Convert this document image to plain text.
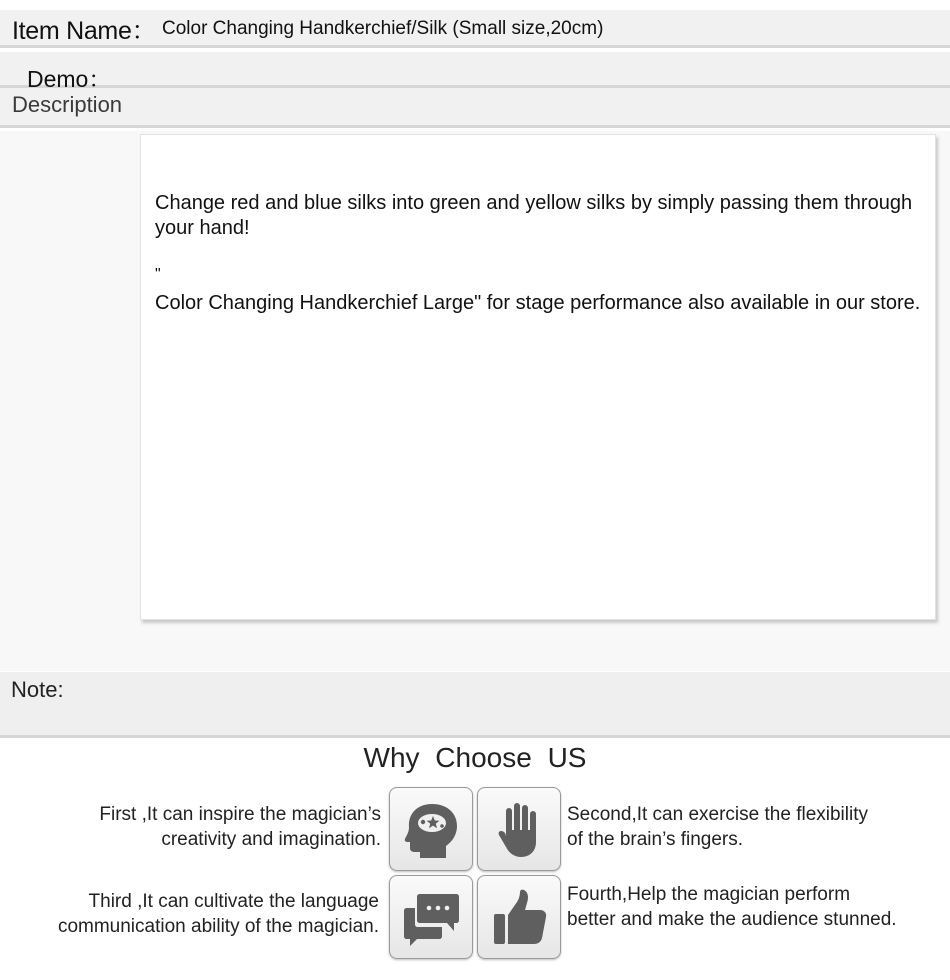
Item Name： Color Changing Handkerchief/Silk (Small size,20cm)
Demo：
Description

Change red and blue silks into green and yellow silks by simply passing them through your hand!

"

Color Changing Handkerchief Large" for stage performance also available in our store.

Note:
Why Choose US
First ,It can inspire the magician’s
creativity and imagination.
Second,It can exercise the flexibility
of the brain’s fingers.
Third ,It can cultivate the language
communication ability of the magician.
Fourth,Help the magician perform
better and make the audience stunned.
